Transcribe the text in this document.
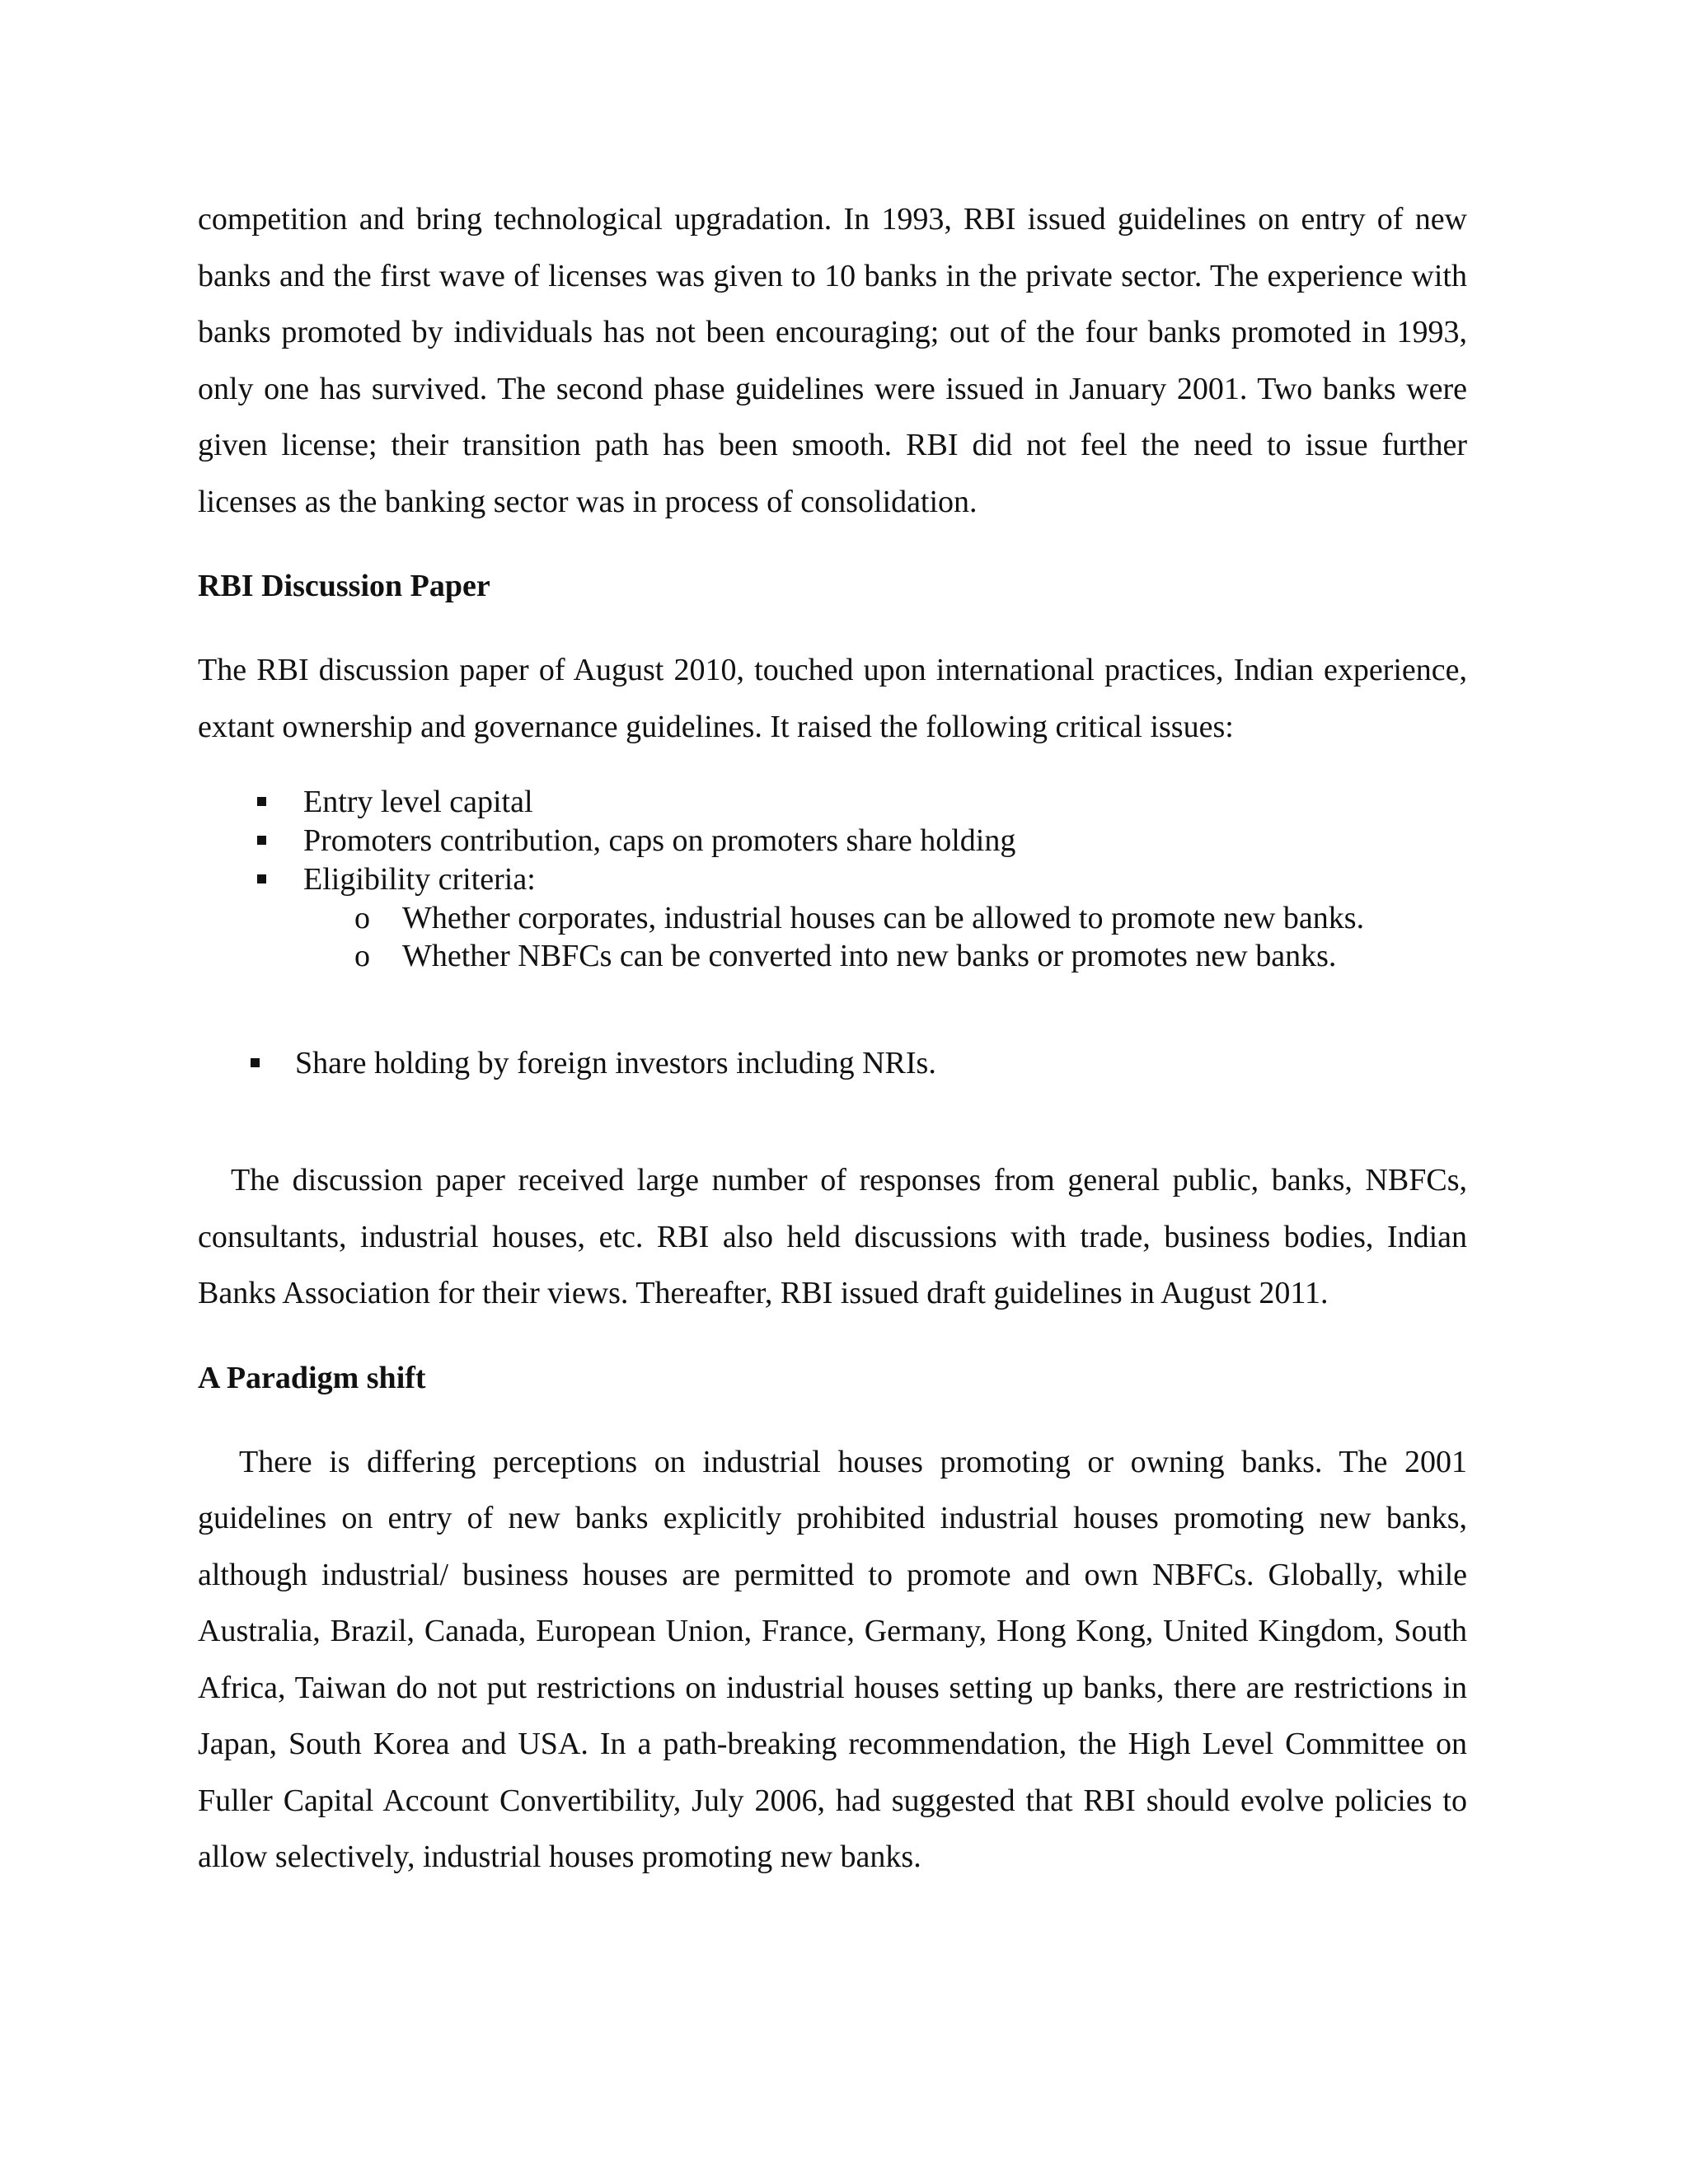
competition and bring technological upgradation. In 1993, RBI issued guidelines on entry of new banks and the first wave of licenses was given to 10 banks in the private sector. The experience with banks promoted by individuals has not been encouraging; out of the four banks promoted in 1993, only one has survived. The second phase guidelines were issued in January 2001. Two banks were given license; their transition path has been smooth. RBI did not feel the need to issue further licenses as the banking sector was in process of consolidation.

RBI Discussion Paper

The RBI discussion paper of August 2010, touched upon international practices, Indian experience, extant ownership and governance guidelines. It raised the following critical issues:

Entry level capital
Promoters contribution, caps on promoters share holding
Eligibility criteria:
o Whether corporates, industrial houses can be allowed to promote new banks.
o Whether NBFCs can be converted into new banks or promotes new banks.
Share holding by foreign investors including NRIs.

The discussion paper received large number of responses from general public, banks, NBFCs, consultants, industrial houses, etc. RBI also held discussions with trade, business bodies, Indian Banks Association for their views. Thereafter, RBI issued draft guidelines in August 2011.

A Paradigm shift

There is differing perceptions on industrial houses promoting or owning banks. The 2001 guidelines on entry of new banks explicitly prohibited industrial houses promoting new banks, although industrial/ business houses are permitted to promote and own NBFCs. Globally, while Australia, Brazil, Canada, European Union, France, Germany, Hong Kong, United Kingdom, South Africa, Taiwan do not put restrictions on industrial houses setting up banks, there are restrictions in Japan, South Korea and USA. In a path-breaking recommendation, the High Level Committee on Fuller Capital Account Convertibility, July 2006, had suggested that RBI should evolve policies to allow selectively, industrial houses promoting new banks.
